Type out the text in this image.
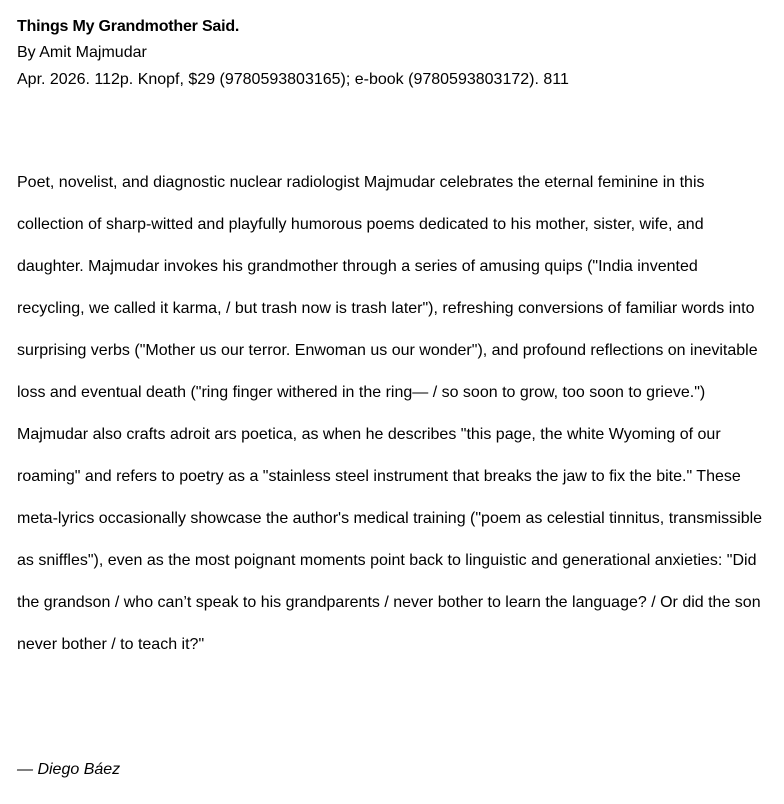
Things My Grandmother Said.

By Amit Majmudar

Apr. 2026. 112p. Knopf, $29 (9780593803165); e-book (9780593803172). 811

Poet, novelist, and diagnostic nuclear radiologist Majmudar celebrates the eternal feminine in this collection of sharp-witted and playfully humorous poems dedicated to his mother, sister, wife, and daughter. Majmudar invokes his grandmother through a series of amusing quips ("India invented recycling, we called it karma, / but trash now is trash later"), refreshing conversions of familiar words into surprising verbs ("Mother us our terror. Enwoman us our wonder"), and profound reflections on inevitable loss and eventual death ("ring finger withered in the ring— / so soon to grow, too soon to grieve.") Majmudar also crafts adroit ars poetica, as when he describes "this page, the white Wyoming of our roaming" and refers to poetry as a "stainless steel instrument that breaks the jaw to fix the bite." These meta-lyrics occasionally showcase the author's medical training ("poem as celestial tinnitus, transmissible as sniffles"), even as the most poignant moments point back to linguistic and generational anxieties: "Did the grandson / who can’t speak to his grandparents / never bother to learn the language? / Or did the son never bother / to teach it?"

— Diego Báez
